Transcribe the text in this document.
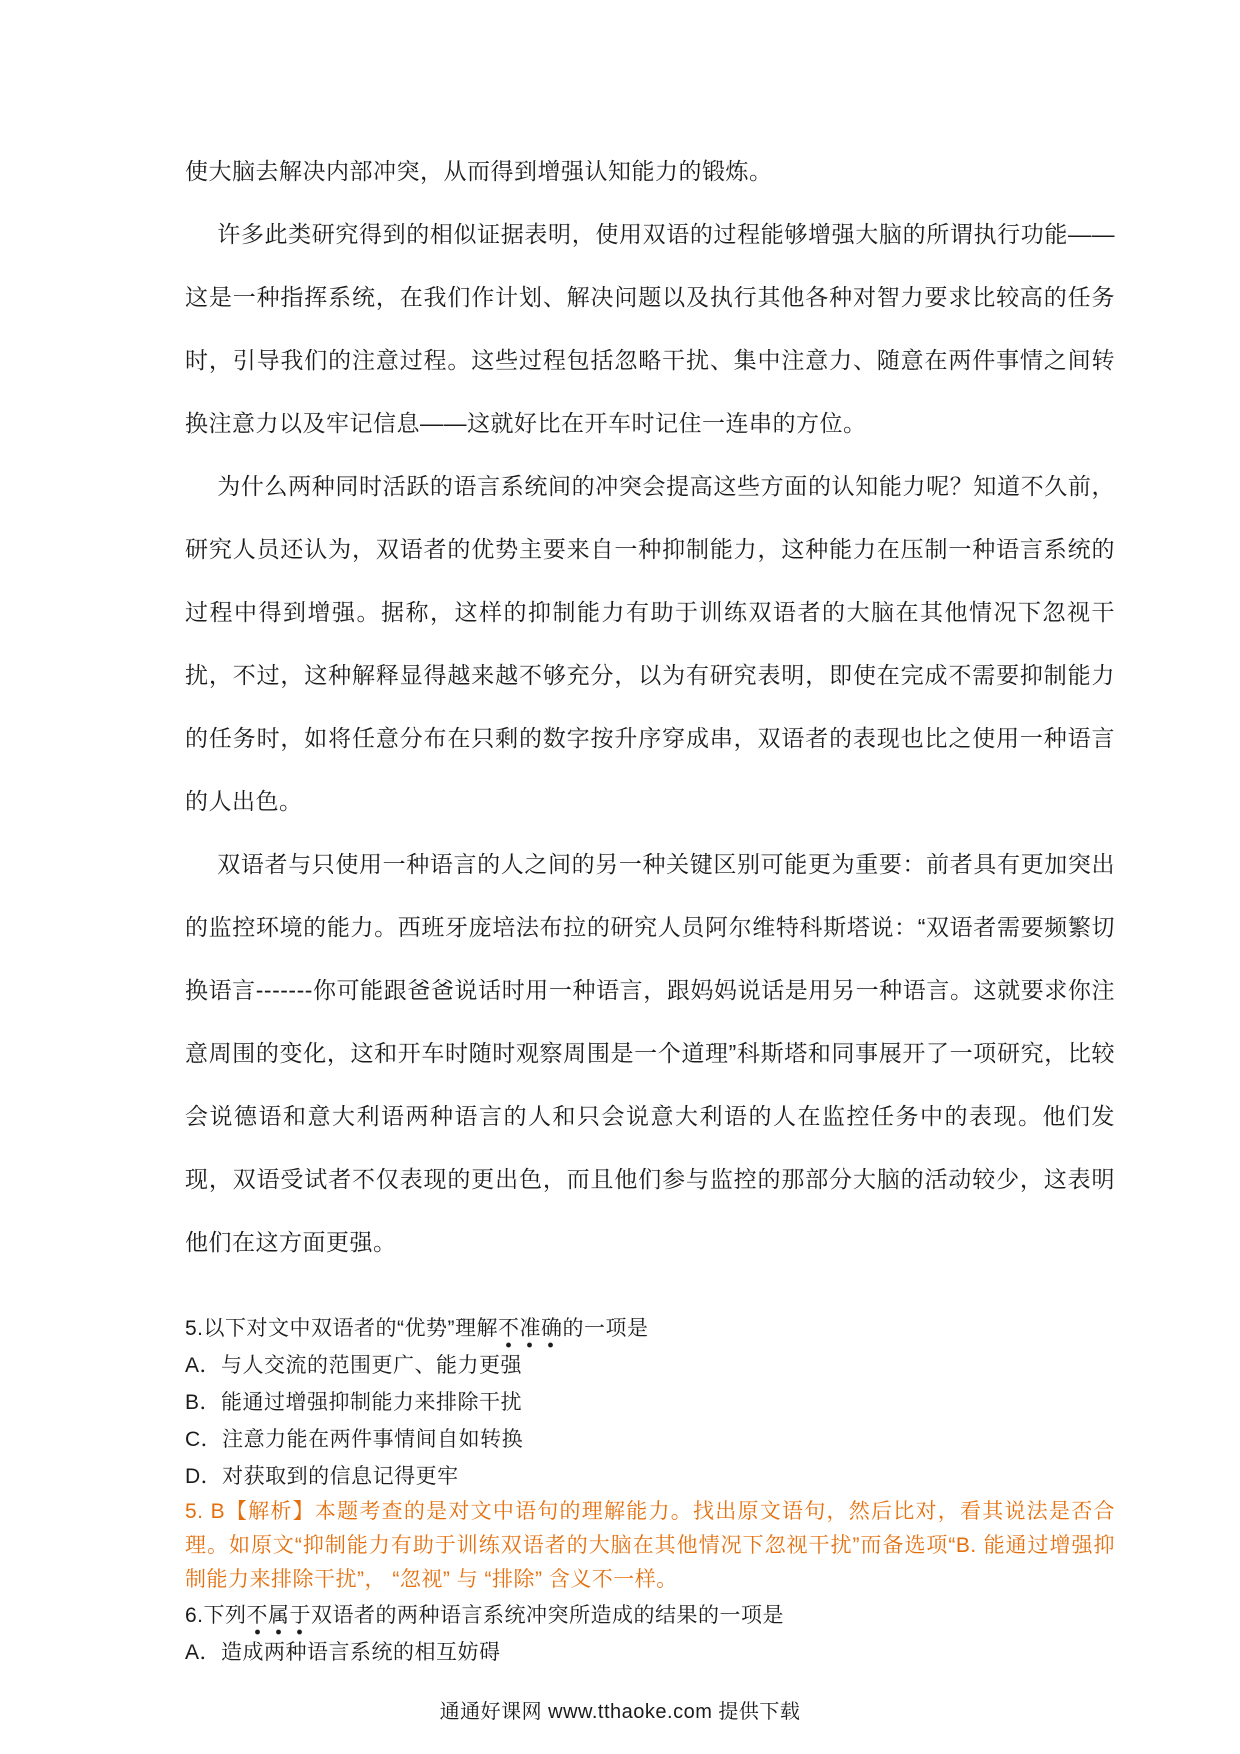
使大脑去解决内部冲突，从而得到增强认知能力的锻炼。

许多此类研究得到的相似证据表明，使用双语的过程能够增强大脑的所谓执行功能——这是一种指挥系统，在我们作计划、解决问题以及执行其他各种对智力要求比较高的任务时，引导我们的注意过程。这些过程包括忽略干扰、集中注意力、随意在两件事情之间转换注意力以及牢记信息——这就好比在开车时记住一连串的方位。

为什么两种同时活跃的语言系统间的冲突会提高这些方面的认知能力呢？知道不久前，研究人员还认为，双语者的优势主要来自一种抑制能力，这种能力在压制一种语言系统的过程中得到增强。据称，这样的抑制能力有助于训练双语者的大脑在其他情况下忽视干扰，不过，这种解释显得越来越不够充分，以为有研究表明，即使在完成不需要抑制能力的任务时，如将任意分布在只剩的数字按升序穿成串，双语者的表现也比之使用一种语言的人出色。

双语者与只使用一种语言的人之间的另一种关键区别可能更为重要：前者具有更加突出的监控环境的能力。西班牙庞培法布拉的研究人员阿尔维特科斯塔说：“双语者需要频繁切换语言-------你可能跟爸爸说话时用一种语言，跟妈妈说话是用另一种语言。这就要求你注意周围的变化，这和开车时随时观察周围是一个道理”科斯塔和同事展开了一项研究，比较会说德语和意大利语两种语言的人和只会说意大利语的人在监控任务中的表现。他们发现，双语受试者不仅表现的更出色，而且他们参与监控的那部分大脑的活动较少，这表明他们在这方面更强。

5.以下对文中双语者的“优势”理解不准确的一项是
A．与人交流的范围更广、能力更强
B．能通过增强抑制能力来排除干扰
C．注意力能在两件事情间自如转换
D．对获取到的信息记得更牢

5. B【解析】本题考查的是对文中语句的理解能力。找出原文语句，然后比对，看其说法是否合理。如原文“抑制能力有助于训练双语者的大脑在其他情况下忽视干扰”而备选项“B. 能通过增强抑制能力来排除干扰”， “忽视” 与 “排除” 含义不一样。

6.下列不属于双语者的两种语言系统冲突所造成的结果的一项是
A．造成两种语言系统的相互妨碍
通通好课网 www.tthaoke.com 提供下载
